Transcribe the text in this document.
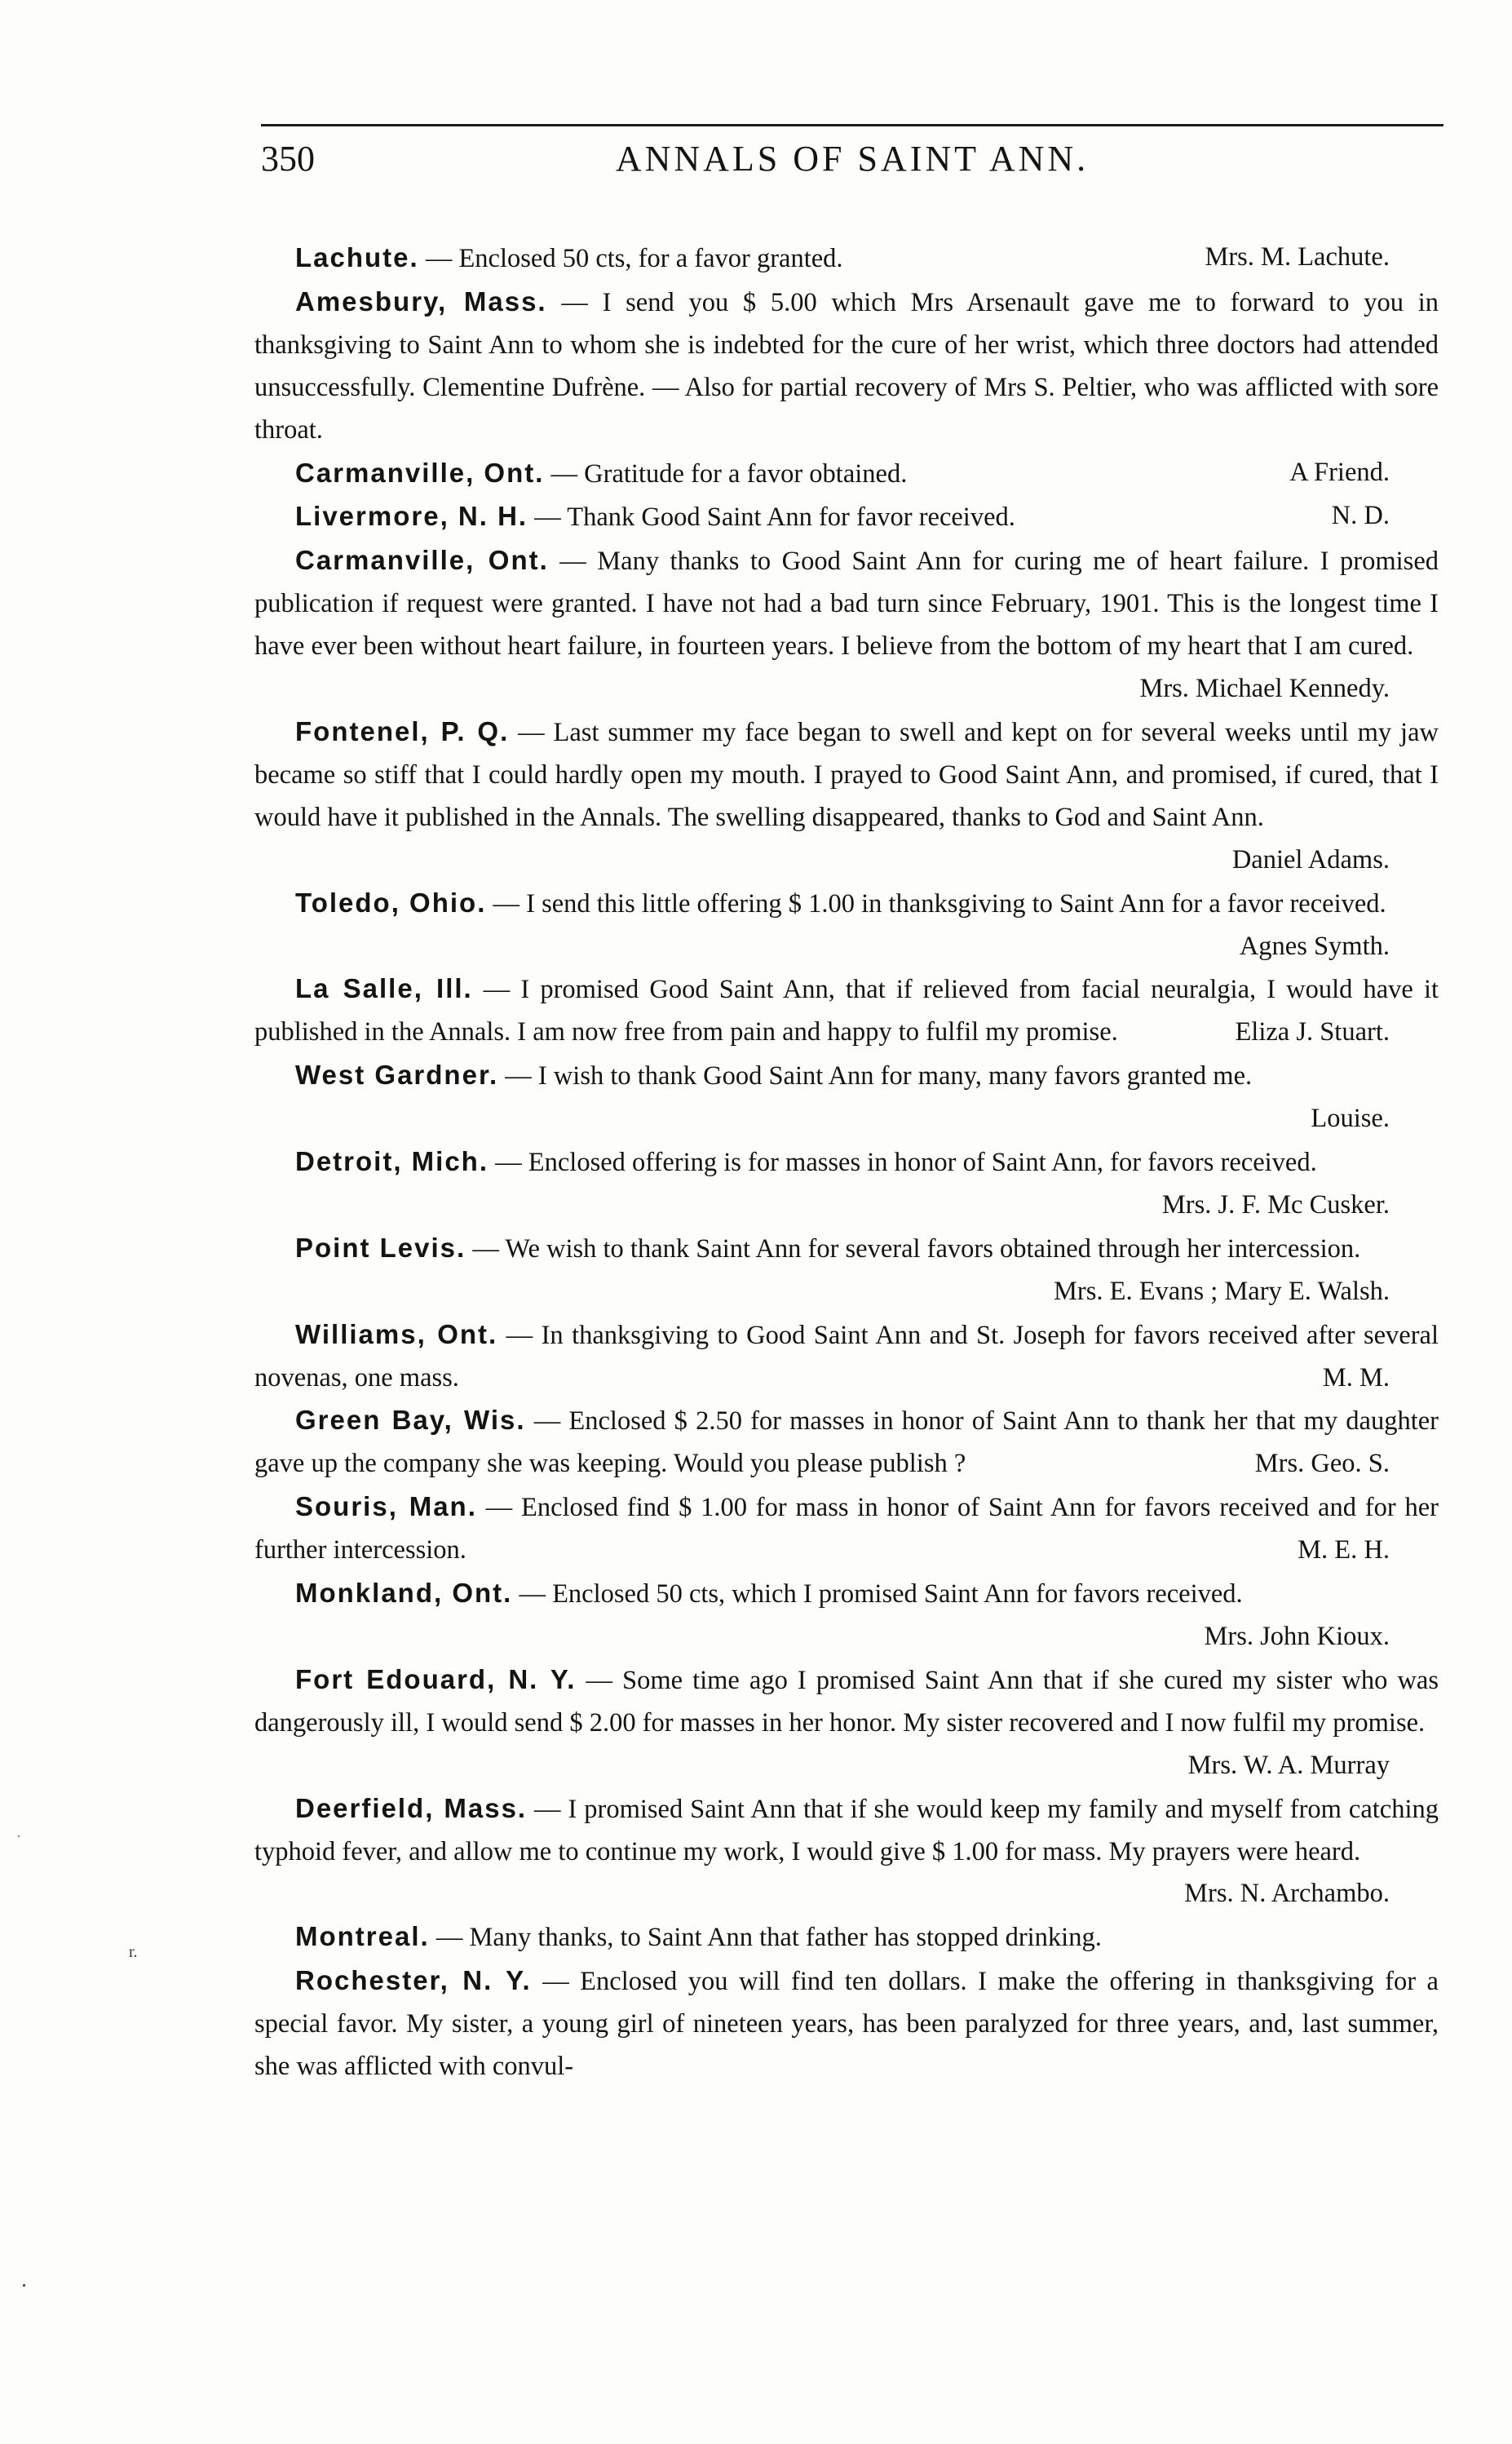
350	ANNALS OF SAINT ANN.

Lachute. — Enclosed 50 cts, for a favor granted.	Mrs. M. Lachute.

Amesbury, Mass. — I send you $ 5.00 which Mrs Arsenault gave me to forward to you in thanksgiving to Saint Ann to whom she is indebted for the cure of her wrist, which three doctors had attended unsuccessfully. Clementine Dufrène. — Also for partial recovery of Mrs S. Peltier, who was afflicted with sore throat.

Carmanville, Ont. — Gratitude for a favor obtained.	A Friend.

Livermore, N. H. — Thank Good Saint Ann for favor received.	N. D.

Carmanville, Ont. — Many thanks to Good Saint Ann for curing me of heart failure. I promised publication if request were granted. I have not had a bad turn since February, 1901. This is the longest time I have ever been without heart failure, in fourteen years. I believe from the bottom of my heart that I am cured.
Mrs. Michael Kennedy.

Fontenel, P. Q. — Last summer my face began to swell and kept on for several weeks until my jaw became so stiff that I could hardly open my mouth. I prayed to Good Saint Ann, and promised, if cured, that I would have it published in the Annals. The swelling disappeared, thanks to God and Saint Ann.
Daniel Adams.

Toledo, Ohio. — I send this little offering $ 1.00 in thanksgiving to Saint Ann for a favor received.
Agnes Symth.

La Salle, Ill. — I promised Good Saint Ann, that if relieved from facial neuralgia, I would have it published in the Annals. I am now free from pain and happy to fulfil my promise.	Eliza J. Stuart.

West Gardner. — I wish to thank Good Saint Ann for many, many favors granted me.
Louise.

Detroit, Mich. — Enclosed offering is for masses in honor of Saint Ann, for favors received.
Mrs. J. F. Mc Cusker.

Point Levis. — We wish to thank Saint Ann for several favors obtained through her intercession.
Mrs. E. Evans ; Mary E. Walsh.

Williams, Ont. — In thanksgiving to Good Saint Ann and St. Joseph for favors received after several novenas, one mass.	M. M.

Green Bay, Wis. — Enclosed $ 2.50 for masses in honor of Saint Ann to thank her that my daughter gave up the company she was keeping. Would you please publish ?	Mrs. Geo. S.

Souris, Man. — Enclosed find $ 1.00 for mass in honor of Saint Ann for favors received and for her further intercession.	M. E. H.

Monkland, Ont. — Enclosed 50 cts, which I promised Saint Ann for favors received.
Mrs. John Kioux.

Fort Edouard, N. Y. — Some time ago I promised Saint Ann that if she cured my sister who was dangerously ill, I would send $ 2.00 for masses in her honor. My sister recovered and I now fulfil my promise.
Mrs. W. A. Murray

Deerfield, Mass. — I promised Saint Ann that if she would keep my family and myself from catching typhoid fever, and allow me to continue my work, I would give $ 1.00 for mass. My prayers were heard.
Mrs. N. Archambo.

Montreal. — Many thanks, to Saint Ann that father has stopped drinking.

Rochester, N. Y. — Enclosed you will find ten dollars. I make the offering in thanksgiving for a special favor. My sister, a young girl of nineteen years, has been paralyzed for three years, and, last summer, she was afflicted with convul-

r.
